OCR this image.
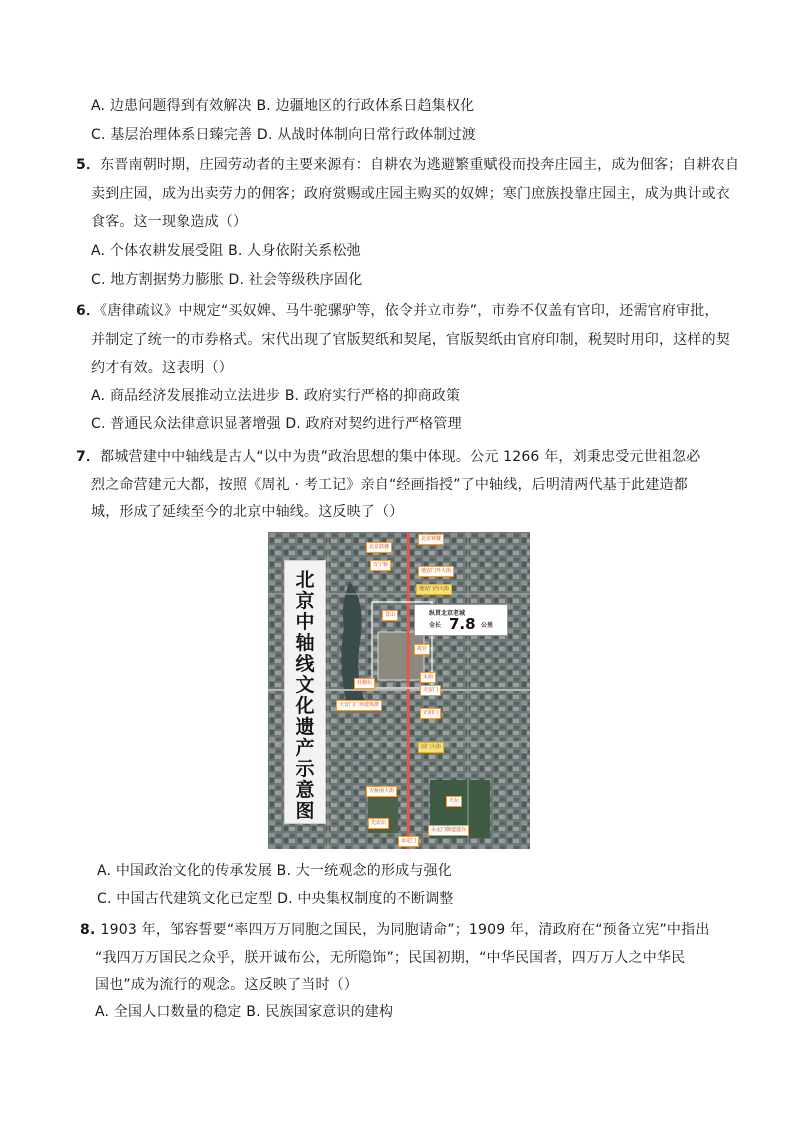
A. 边患问题得到有效解决 B. 边疆地区的行政体系日趋集权化
C. 基层治理体系日臻完善 D. 从战时体制向日常行政体制过渡
5．东晋南朝时期，庄园劳动者的主要来源有：自耕农为逃避繁重赋役而投奔庄园主，成为佃客；自耕农自
卖到庄园，成为出卖劳力的佣客；政府赏赐或庄园主购买的奴婢；寒门庶族投靠庄园主，成为典计或衣
食客。这一现象造成（）
A. 个体农耕发展受阻 B. 人身依附关系松弛
C. 地方割据势力膨胀 D. 社会等级秩序固化
6．《唐律疏议》中规定“买奴婢、马牛驼骡驴等，依令并立市券”，市券不仅盖有官印，还需官府审批，
并制定了统一的市券格式。宋代出现了官版契纸和契尾，官版契纸由官府印制，税契时用印，这样的契
约才有效。这表明（）
A. 商品经济发展推动立法进步 B. 政府实行严格的抑商政策
C. 普通民众法律意识显著增强 D. 政府对契约进行严格管理
7．都城营建中中轴线是古人“以中为贵”政治思想的集中体现。公元 1266 年，刘秉忠受元世祖忽必
烈之命营建元大都，按照《周礼 · 考工记》亲自“经画指授”了中轴线，后明清两代基于此建造都
城，形成了延续至今的北京中轴线。这反映了（）
北
京
中
轴
线
文
化
遗
产
示
意
图
纵贯北京老城
全长 7.8 公里
北京钟楼
北京鼓楼
万宁桥
地安门外大街
地安门内大街
景山
故宫
社稷坛
太庙
天安门
天安门广场建筑群
正阳门
前门大街
天桥南大街
天坛
先农坛
永定门
永定门御道遗存
A. 中国政治文化的传承发展 B. 大一统观念的形成与强化
C. 中国古代建筑文化已定型 D. 中央集权制度的不断调整
8. 1903 年，邹容誓要“率四万万同胞之国民，为同胞请命”；1909 年，清政府在“预备立宪”中指出
“我四万万国民之众乎，朕开诚布公，无所隐饰”；民国初期，“中华民国者，四万万人之中华民
国也”成为流行的观念。这反映了当时（）
A. 全国人口数量的稳定 B. 民族国家意识的建构
